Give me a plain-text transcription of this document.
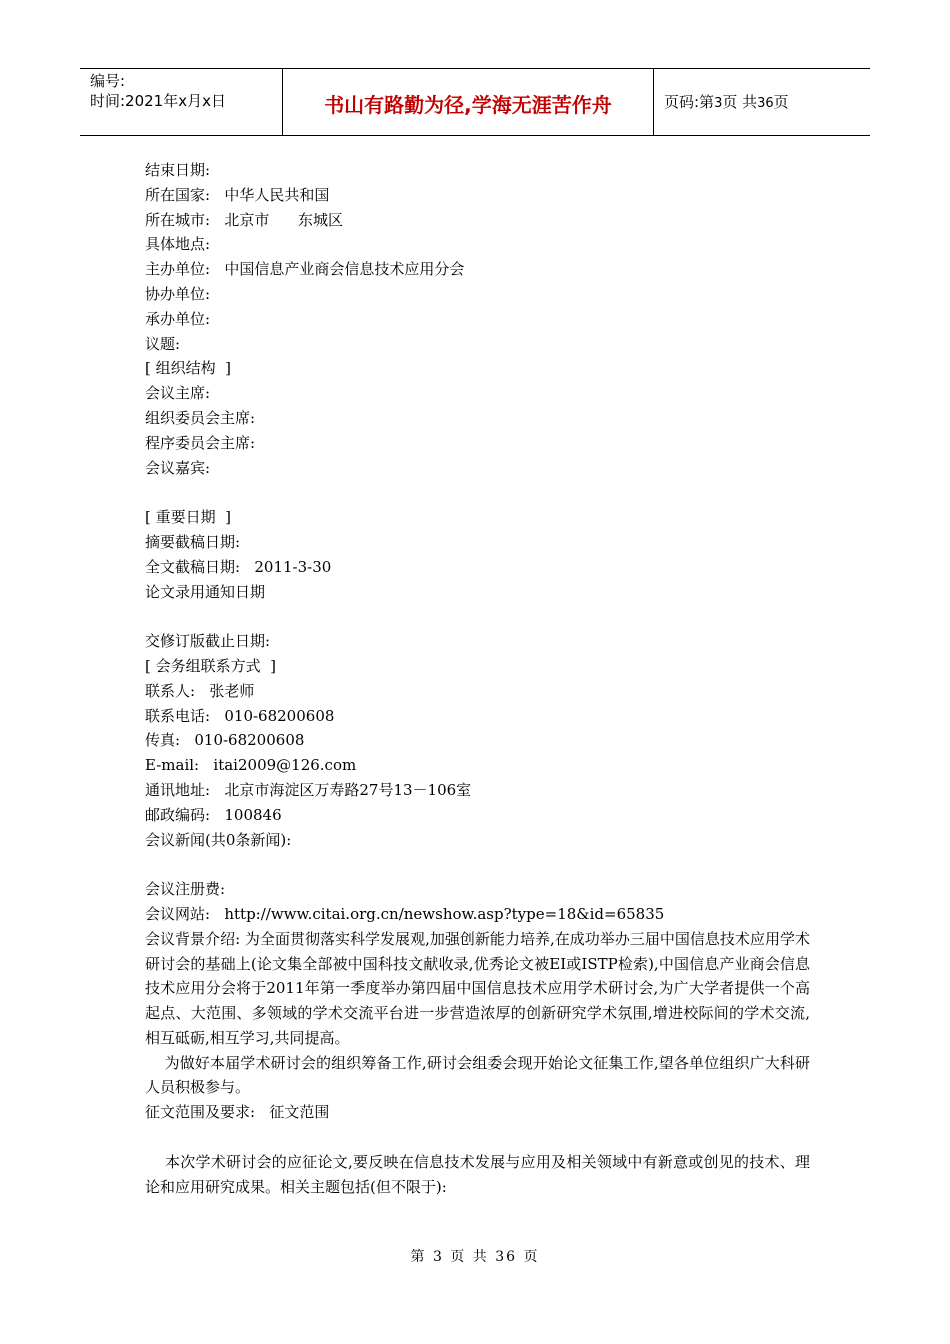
编号:
时间:2021年x月x日	书山有路勤为径,学海无涯苦作舟	页码:第3页 共36页
结束日期:
所在国家:   中华人民共和国
所在城市:   北京市      东城区
具体地点:
主办单位:   中国信息产业商会信息技术应用分会
协办单位:
承办单位:
议题:
[ 组织结构  ]
会议主席:
组织委员会主席:
程序委员会主席:
会议嘉宾:
[ 重要日期  ]
摘要截稿日期:
全文截稿日期:   2011-3-30
论文录用通知日期
交修订版截止日期:
[ 会务组联系方式  ]
联系人:   张老师
联系电话:   010-68200608
传真:   010-68200608
E-mail:   itai2009@126.com
通讯地址:   北京市海淀区万寿路27号13－106室
邮政编码:   100846
会议新闻(共0条新闻):
会议注册费:
会议网站:   http://www.citai.org.cn/newshow.asp?type=18&id=65835
会议背景介绍: 为全面贯彻落实科学发展观,加强创新能力培养,在成功举办三届中国信息技术应用学术研讨会的基础上(论文集全部被中国科技文献收录,优秀论文被EI或ISTP检索),中国信息产业商会信息技术应用分会将于2011年第一季度举办第四届中国信息技术应用学术研讨会,为广大学者提供一个高起点、大范围、多领域的学术交流平台进一步营造浓厚的创新研究学术氛围,增进校际间的学术交流,相互砥砺,相互学习,共同提高。
为做好本届学术研讨会的组织筹备工作,研讨会组委会现开始论文征集工作,望各单位组织广大科研人员积极参与。
征文范围及要求:   征文范围
本次学术研讨会的应征论文,要反映在信息技术发展与应用及相关领域中有新意或创见的技术、理论和应用研究成果。相关主题包括(但不限于):
第 3 页 共 36 页
